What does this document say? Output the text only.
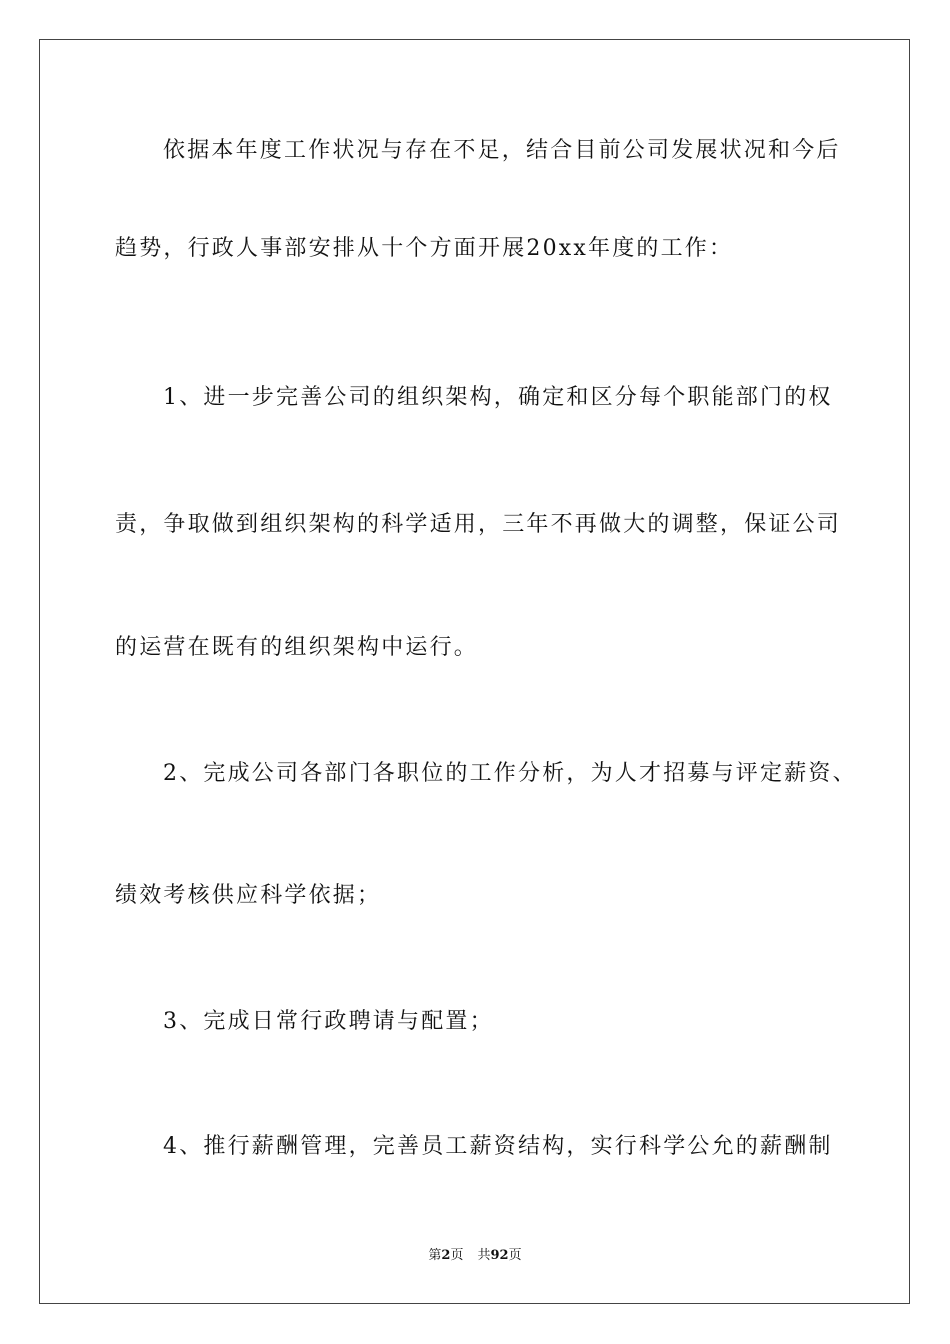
依据本年度工作状况与存在不足，结合目前公司发展状况和今后
趋势，行政人事部安排从十个方面开展20xx年度的工作：
1、进一步完善公司的组织架构，确定和区分每个职能部门的权
责，争取做到组织架构的科学适用，三年不再做大的调整，保证公司
的运营在既有的组织架构中运行。
2、完成公司各部门各职位的工作分析，为人才招募与评定薪资、
绩效考核供应科学依据；
3、完成日常行政聘请与配置；
4、推行薪酬管理，完善员工薪资结构，实行科学公允的薪酬制
第2页 共92页
